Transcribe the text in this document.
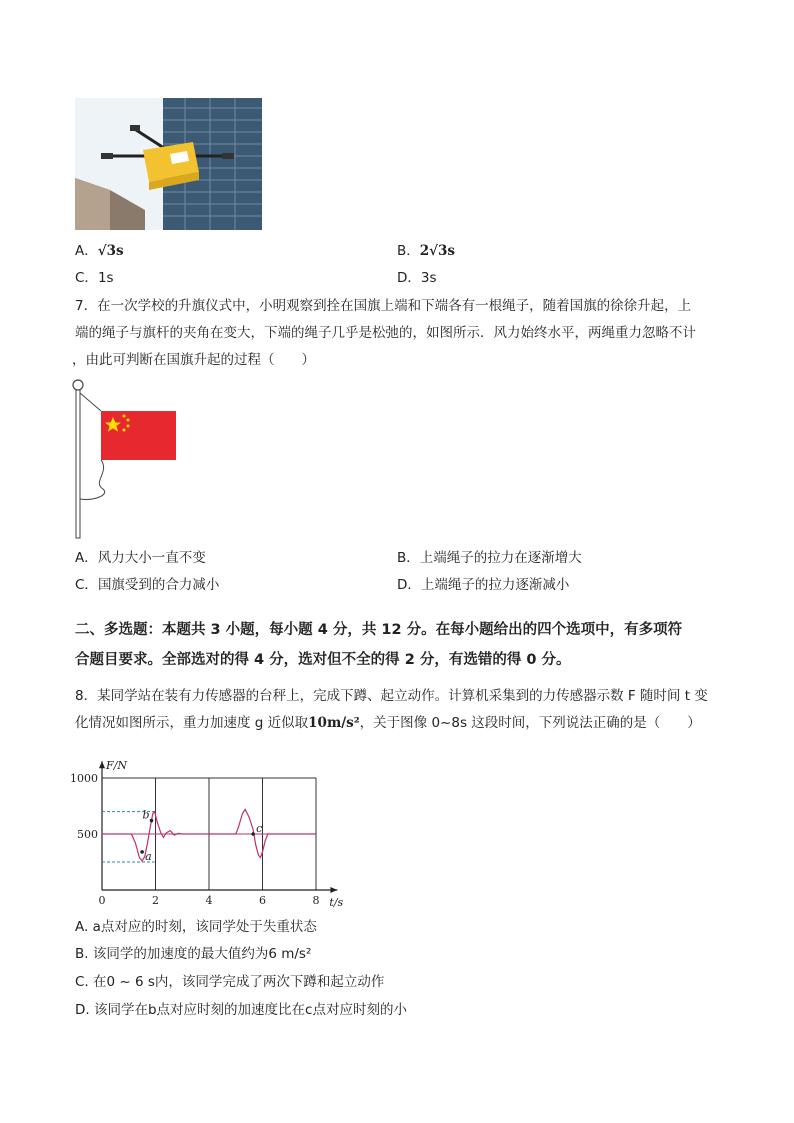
A．√3s	B．2√3s
C．1s	D．3s
7．在一次学校的升旗仪式中，小明观察到拴在国旗上端和下端各有一根绳子，随着国旗的徐徐升起，上
端的绳子与旗杆的夹角在变大，下端的绳子几乎是松弛的，如图所示．风力始终水平，两绳重力忽略不计
，由此可判断在国旗升起的过程（　　）
A．风力大小一直不变	B．上端绳子的拉力在逐渐增大
C．国旗受到的合力减小	D．上端绳子的拉力逐渐减小
二、多选题：本题共 3 小题，每小题 4 分，共 12 分。在每小题给出的四个选项中，有多项符
合题目要求。全部选对的得 4 分，选对但不全的得 2 分，有选错的得 0 分。
8．某同学站在装有力传感器的台秤上，完成下蹲、起立动作。计算机采集到的力传感器示数 F 随时间 t 变
化情况如图所示，重力加速度 g 近似取10m/s²，关于图像 0~8s 这段时间，下列说法正确的是（　　）
a
b
c
0	2	4	6	8
500
1000
F/N
t/s
A. a点对应的时刻，该同学处于失重状态
B. 该同学的加速度的最大值约为6 m/s²
C. 在0 ~ 6 s内，该同学完成了两次下蹲和起立动作
D. 该同学在b点对应时刻的加速度比在c点对应时刻的小
